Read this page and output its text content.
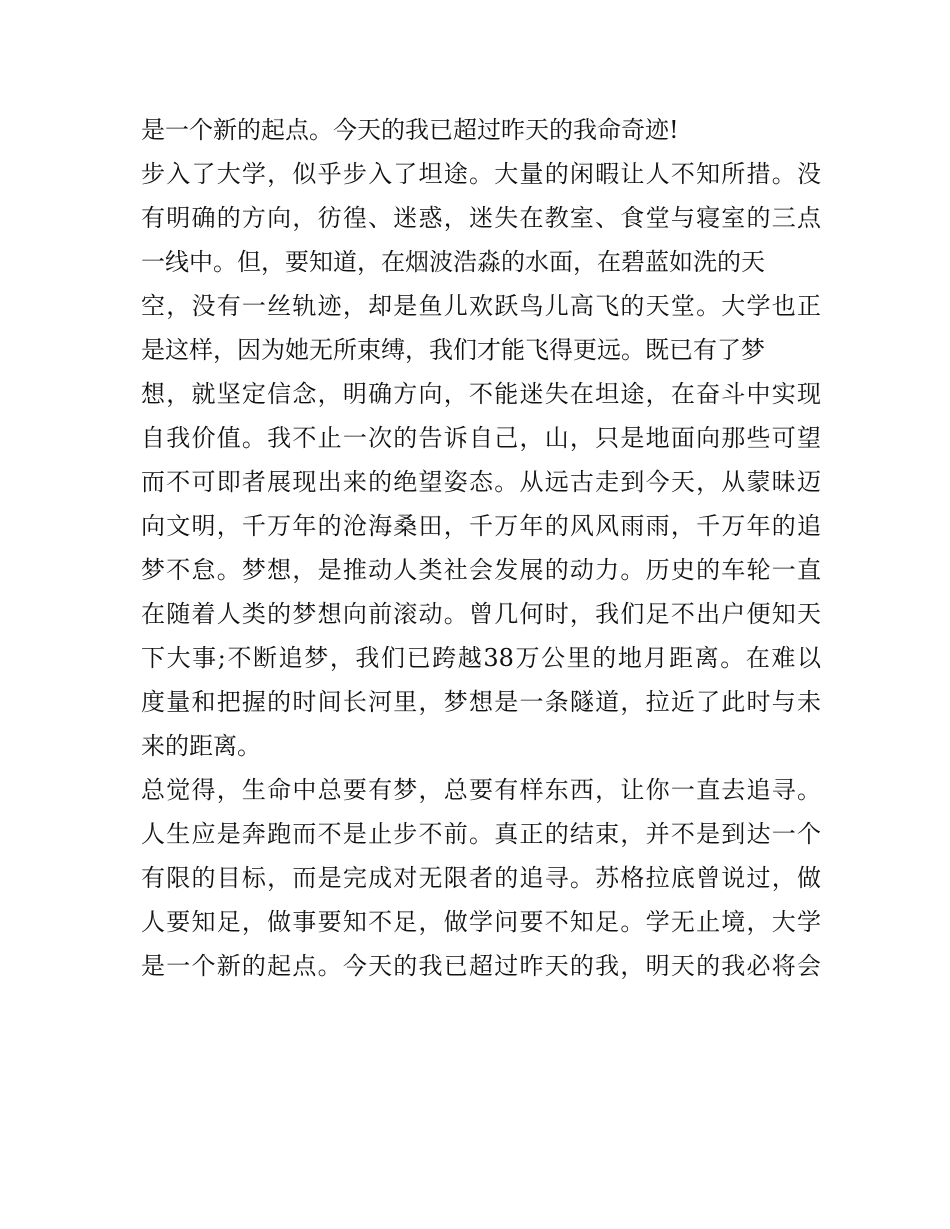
是一个新的起点。今天的我已超过昨天的我命奇迹!
步入了大学，似乎步入了坦途。大量的闲暇让人不知所措。没
有明确的方向，彷徨、迷惑，迷失在教室、食堂与寝室的三点
一线中。但，要知道，在烟波浩淼的水面，在碧蓝如洗的天
空，没有一丝轨迹，却是鱼儿欢跃鸟儿高飞的天堂。大学也正
是这样，因为她无所束缚，我们才能飞得更远。既已有了梦
想，就坚定信念，明确方向，不能迷失在坦途，在奋斗中实现
自我价值。我不止一次的告诉自己，山，只是地面向那些可望
而不可即者展现出来的绝望姿态。从远古走到今天，从蒙昧迈
向文明，千万年的沧海桑田，千万年的风风雨雨，千万年的追
梦不怠。梦想，是推动人类社会发展的动力。历史的车轮一直
在随着人类的梦想向前滚动。曾几何时，我们足不出户便知天
下大事;不断追梦，我们已跨越38万公里的地月距离。在难以
度量和把握的时间长河里，梦想是一条隧道，拉近了此时与未
来的距离。
总觉得，生命中总要有梦，总要有样东西，让你一直去追寻。
人生应是奔跑而不是止步不前。真正的结束，并不是到达一个
有限的目标，而是完成对无限者的追寻。苏格拉底曾说过，做
人要知足，做事要知不足，做学问要不知足。学无止境，大学
是一个新的起点。今天的我已超过昨天的我，明天的我必将会
